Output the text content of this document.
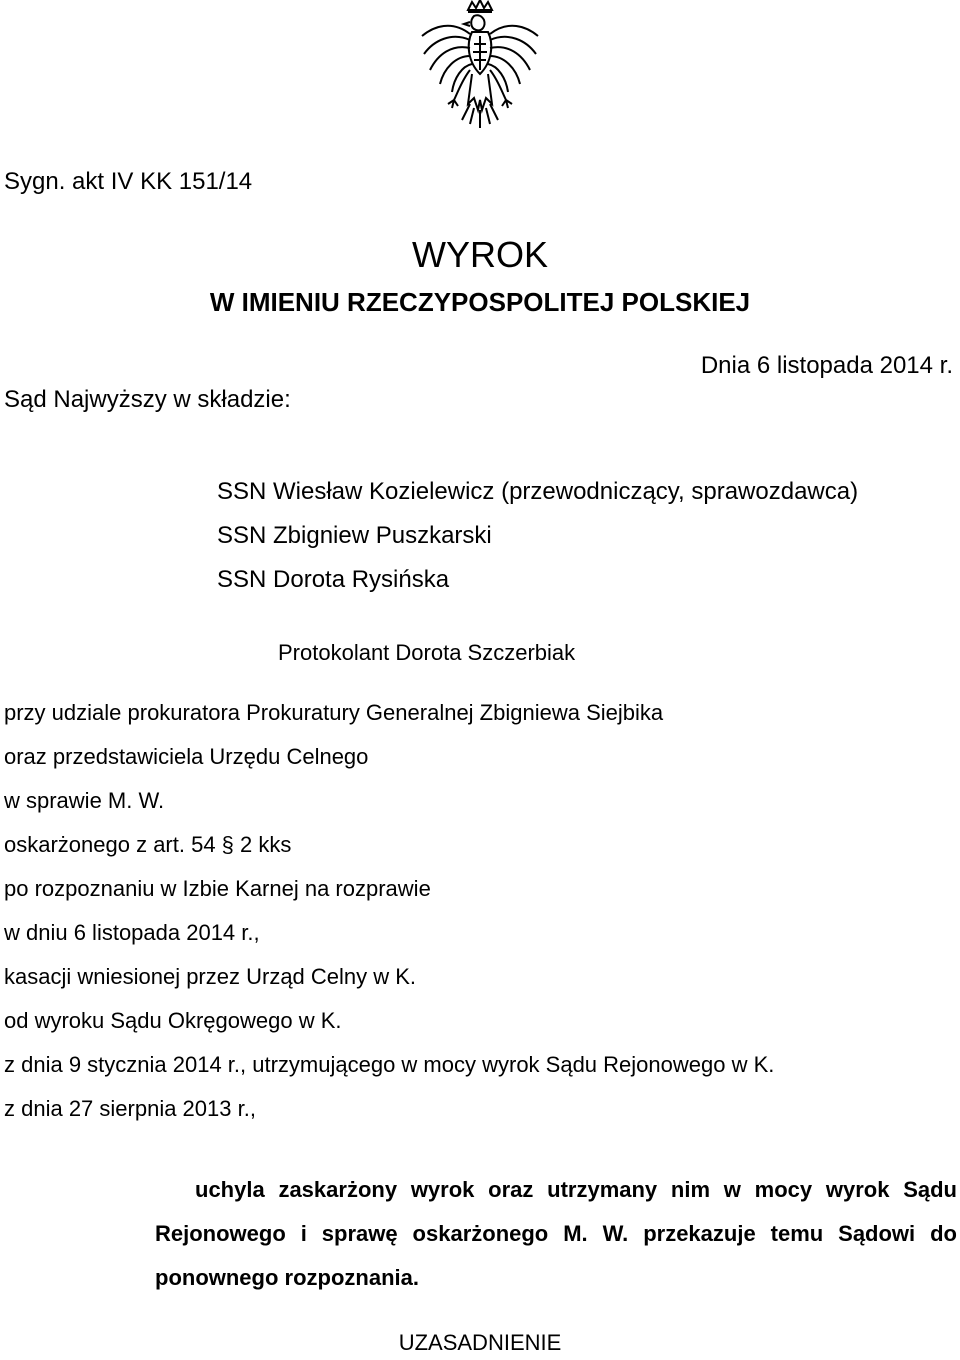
Sygn. akt IV KK 151/14
WYROK
W IMIENIU RZECZYPOSPOLITEJ POLSKIEJ
Dnia 6 listopada 2014 r.
Sąd Najwyższy w składzie:
SSN Wiesław Kozielewicz (przewodniczący, sprawozdawca)
SSN Zbigniew Puszkarski
SSN Dorota Rysińska
Protokolant Dorota Szczerbiak
przy udziale prokuratora Prokuratury Generalnej Zbigniewa Siejbika
oraz przedstawiciela Urzędu Celnego
w sprawie M. W.
oskarżonego z art. 54 § 2 kks
po rozpoznaniu w Izbie Karnej na rozprawie
w dniu 6 listopada 2014 r.,
kasacji wniesionej przez Urząd Celny w K.
od wyroku Sądu Okręgowego w K.
z dnia 9 stycznia 2014 r., utrzymującego w mocy wyrok Sądu Rejonowego w K.
z dnia 27 sierpnia 2013 r.,
uchyla zaskarżony wyrok oraz utrzymany nim w mocy wyrok Sądu Rejonowego i sprawę oskarżonego M. W. przekazuje temu Sądowi do ponownego rozpoznania.
UZASADNIENIE
